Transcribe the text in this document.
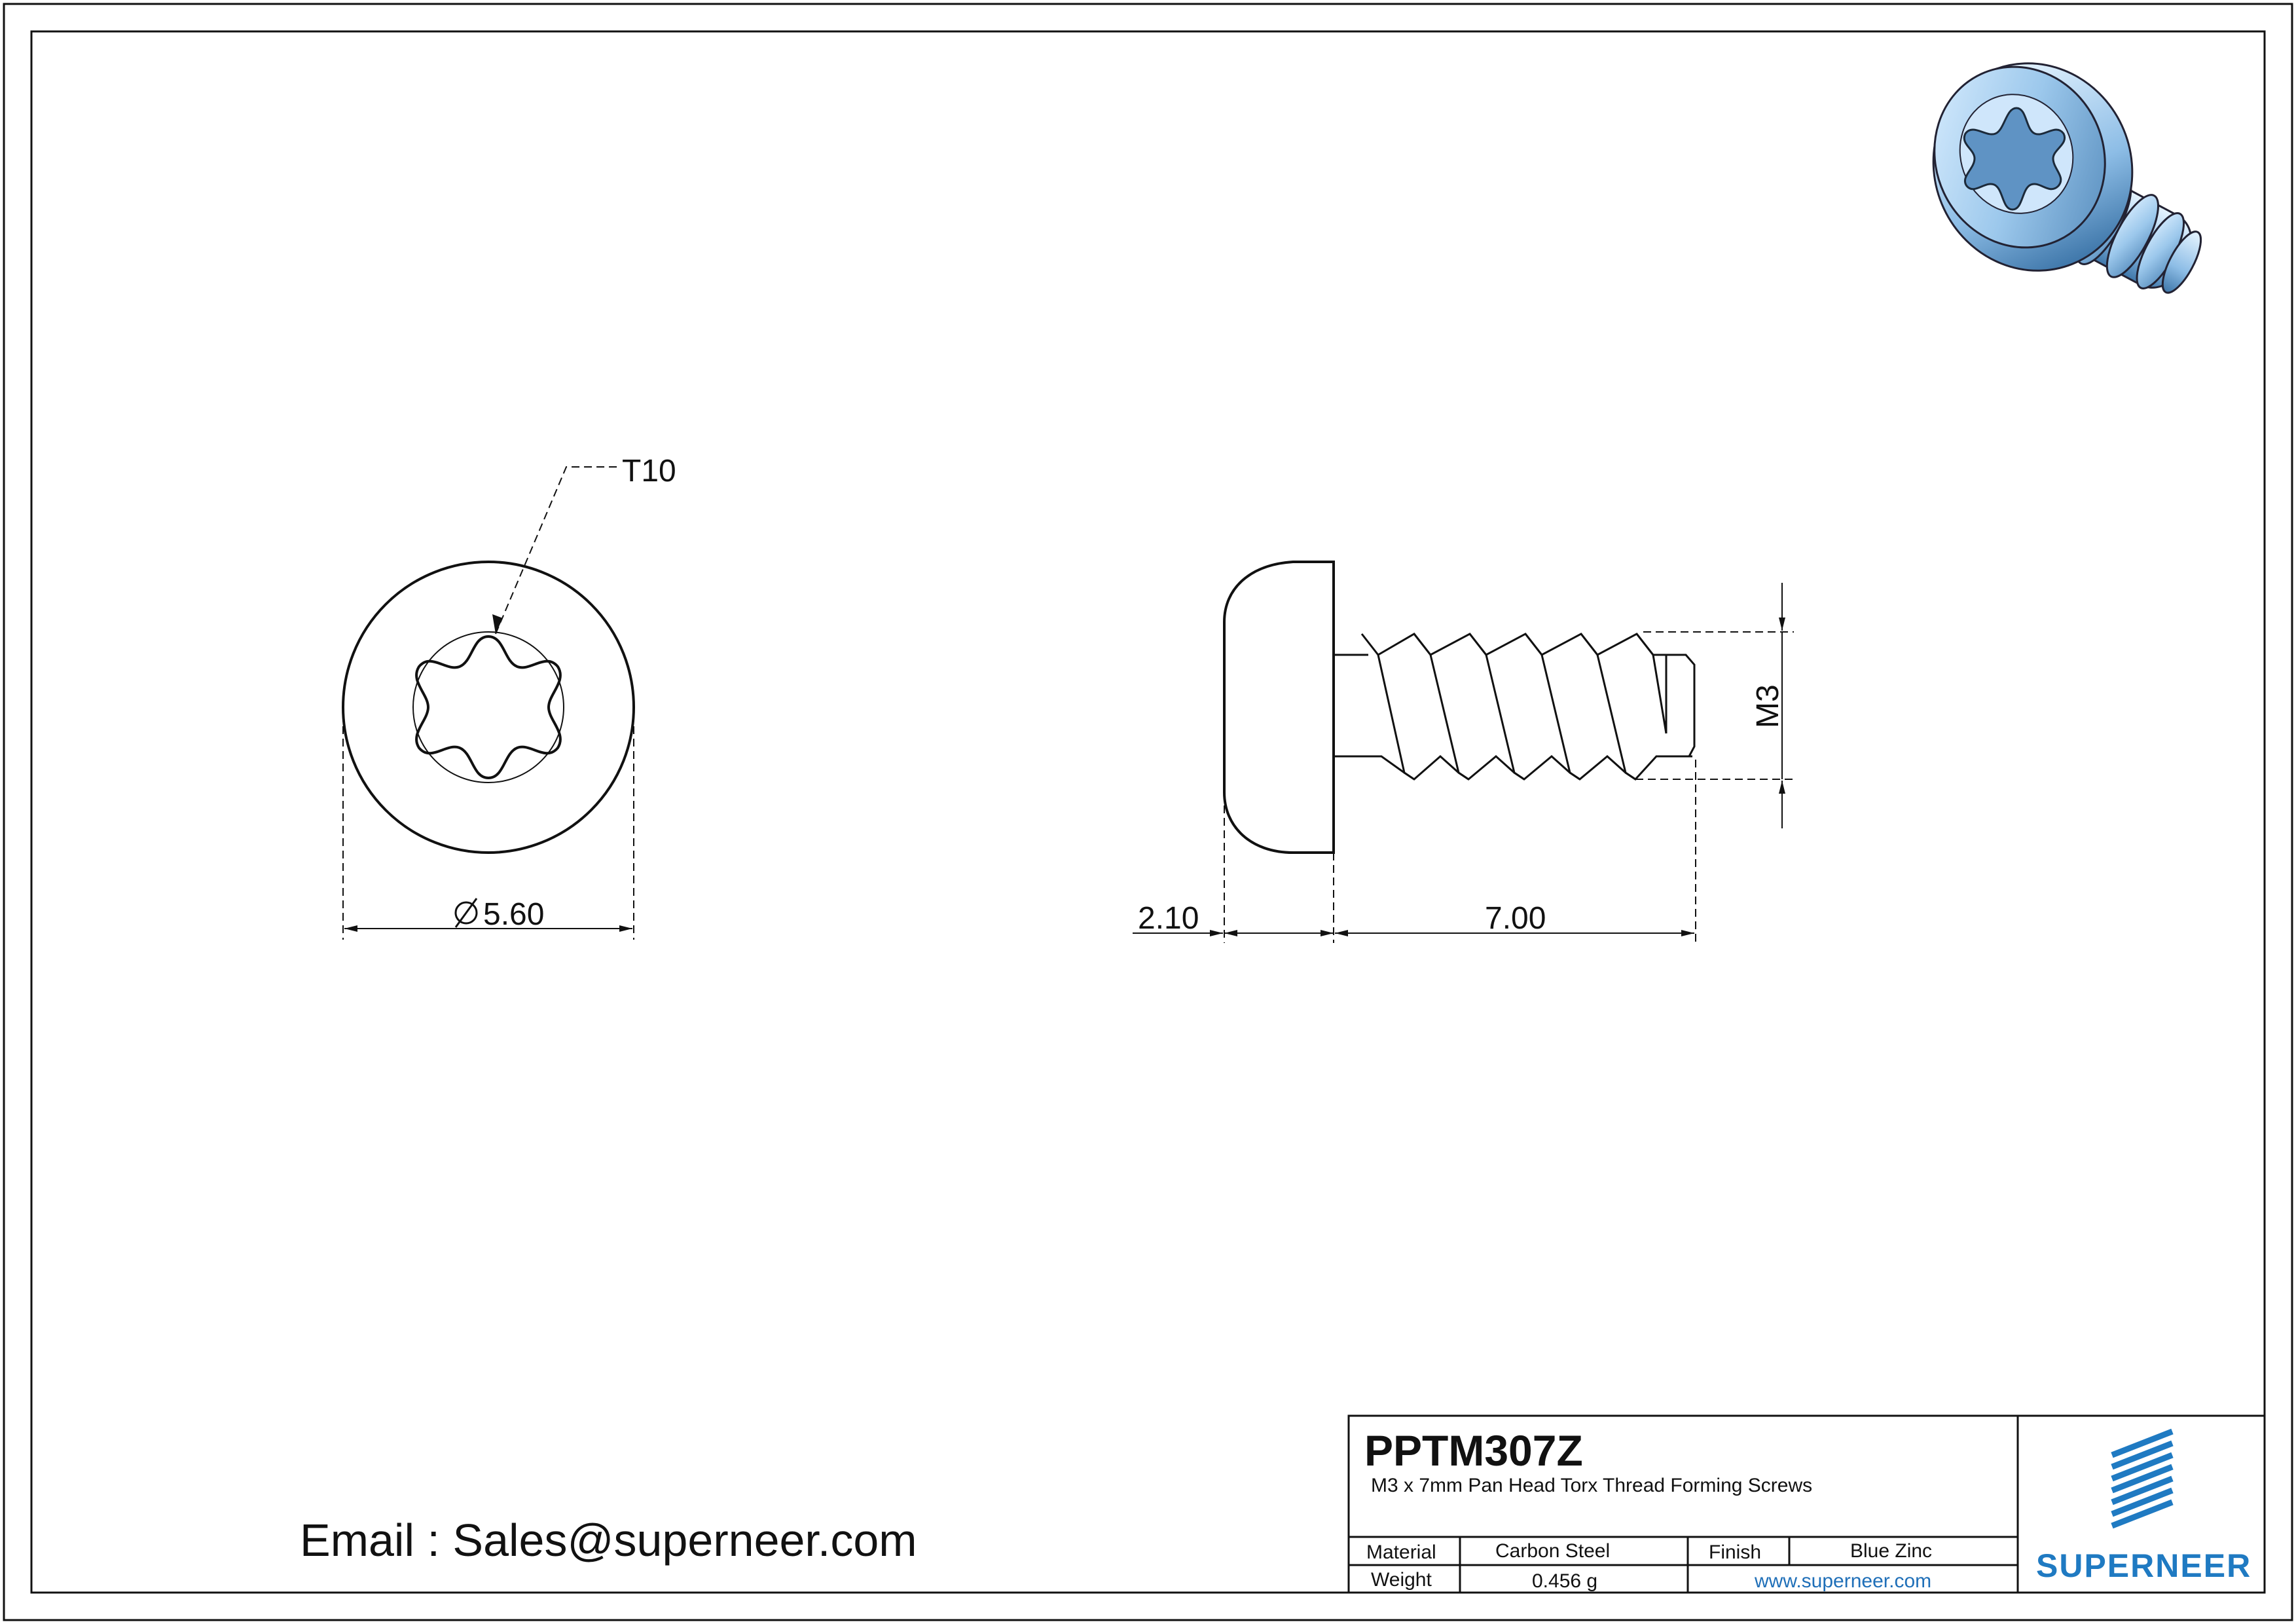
T10
5.60
M3
2.10	7.00
Email : Sales@superneer.com
PPTM307Z
M3 x 7mm Pan Head Torx Thread Forming Screws
Material	Carbon Steel	Finish	Blue Zinc
Weight	0.456 g	www.superneer.com	SUPERNEER
